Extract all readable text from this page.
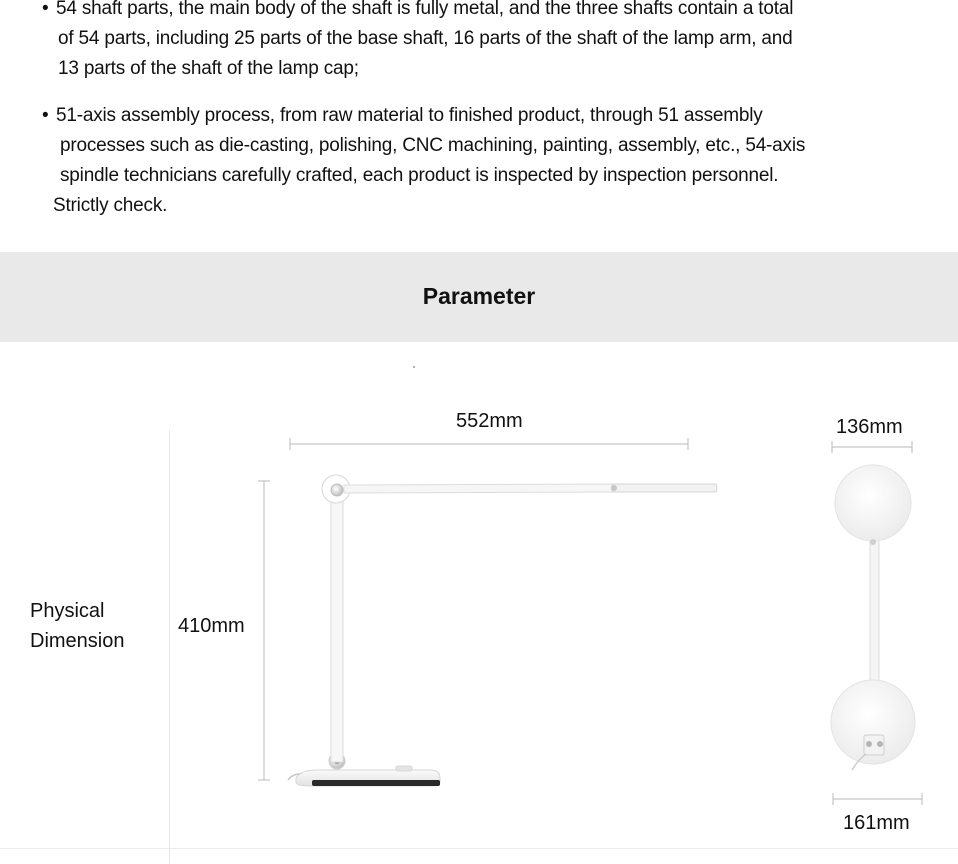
• 54 shaft parts, the main body of the shaft is fully metal, and the three shafts contain a total
of 54 parts, including 25 parts of the base shaft, 16 parts of the shaft of the lamp arm, and
13 parts of the shaft of the lamp cap;
• 51-axis assembly process, from raw material to finished product, through 51 assembly
processes such as die-casting, polishing, CNC machining, painting, assembly, etc., 54-axis
spindle technicians carefully crafted, each product is inspected by inspection personnel.
Strictly check.
Parameter
Physical
Dimension
552mm
410mm
136mm
161mm
